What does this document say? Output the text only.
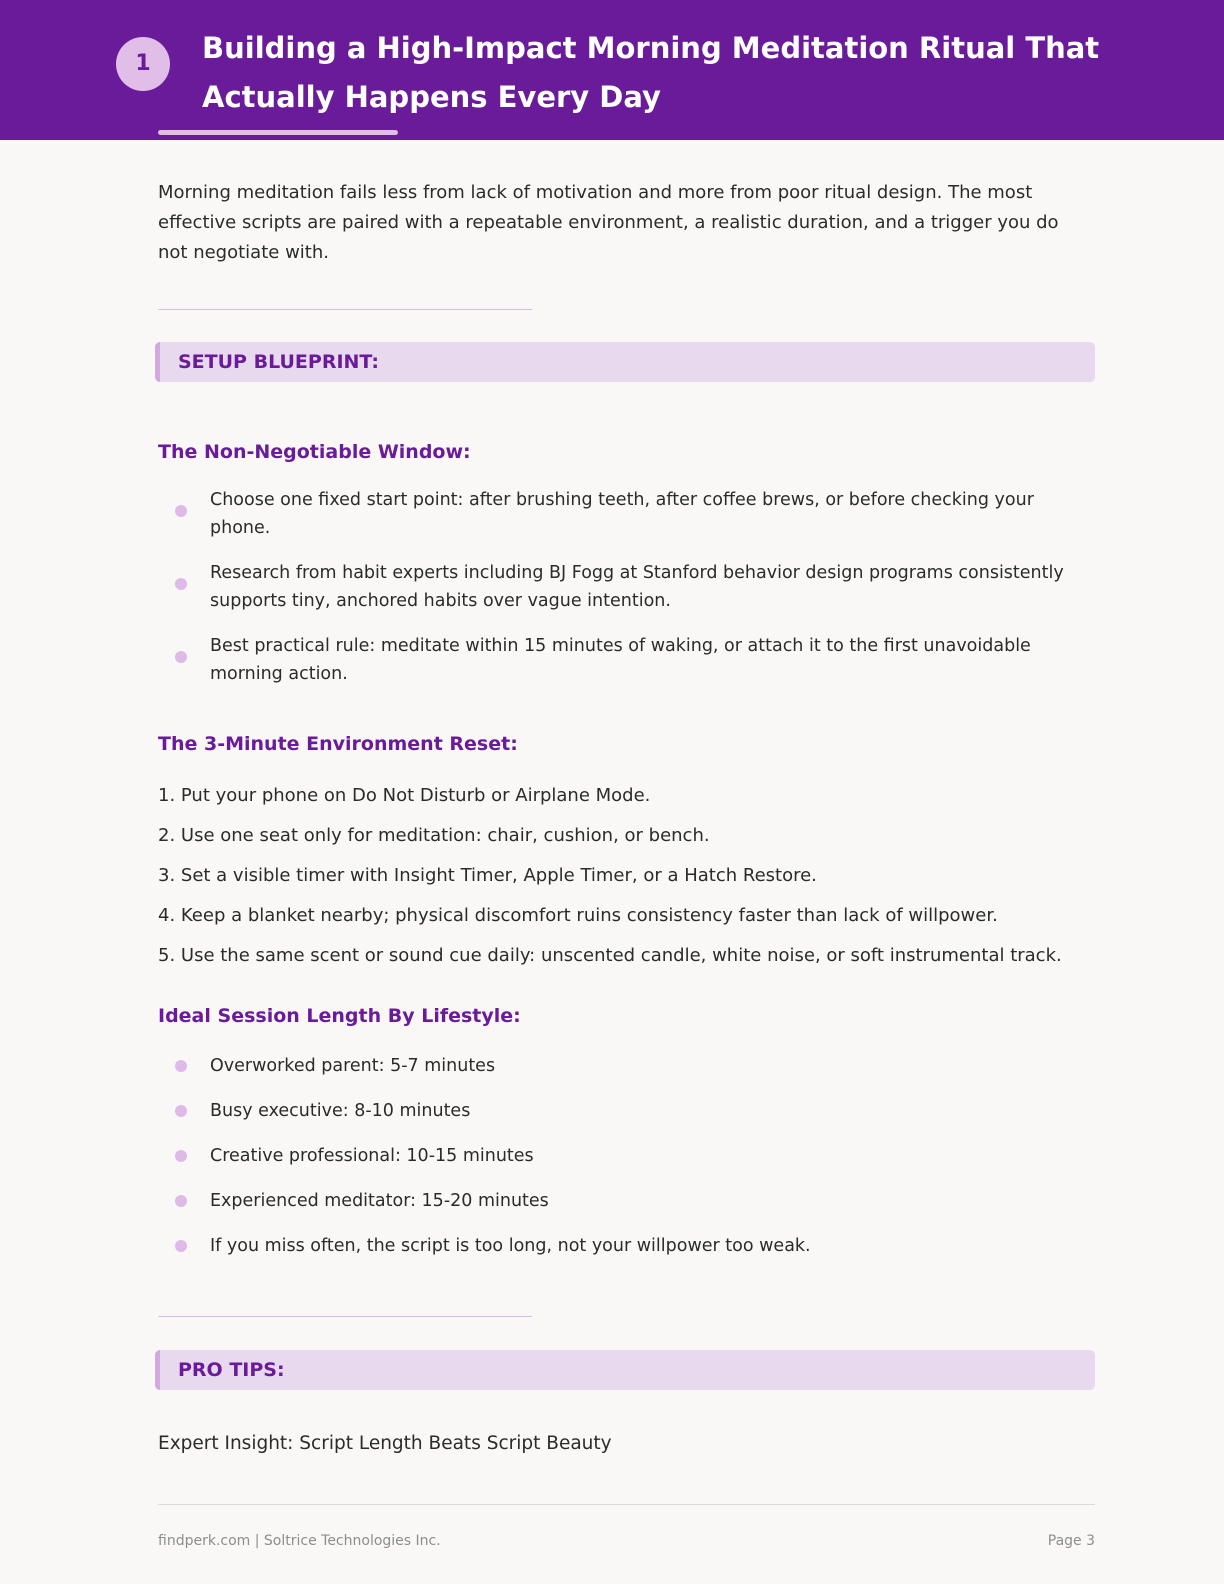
1	Building a High-Impact Morning Meditation Ritual That Actually Happens Every Day

Morning meditation fails less from lack of motivation and more from poor ritual design. The most effective scripts are paired with a repeatable environment, a realistic duration, and a trigger you do not negotiate with.

SETUP BLUEPRINT:
The Non-Negotiable Window:
Choose one fixed start point: after brushing teeth, after coffee brews, or before checking your phone.
Research from habit experts including BJ Fogg at Stanford behavior design programs consistently supports tiny, anchored habits over vague intention.
Best practical rule: meditate within 15 minutes of waking, or attach it to the first unavoidable morning action.
The 3-Minute Environment Reset:
1. Put your phone on Do Not Disturb or Airplane Mode.
2. Use one seat only for meditation: chair, cushion, or bench.
3. Set a visible timer with Insight Timer, Apple Timer, or a Hatch Restore.
4. Keep a blanket nearby; physical discomfort ruins consistency faster than lack of willpower.
5. Use the same scent or sound cue daily: unscented candle, white noise, or soft instrumental track.
Ideal Session Length By Lifestyle:
Overworked parent: 5-7 minutes
Busy executive: 8-10 minutes
Creative professional: 10-15 minutes
Experienced meditator: 15-20 minutes
If you miss often, the script is too long, not your willpower too weak.
PRO TIPS:

Expert Insight: Script Length Beats Script Beauty

findperk.com | Soltrice Technologies Inc.	Page 3
